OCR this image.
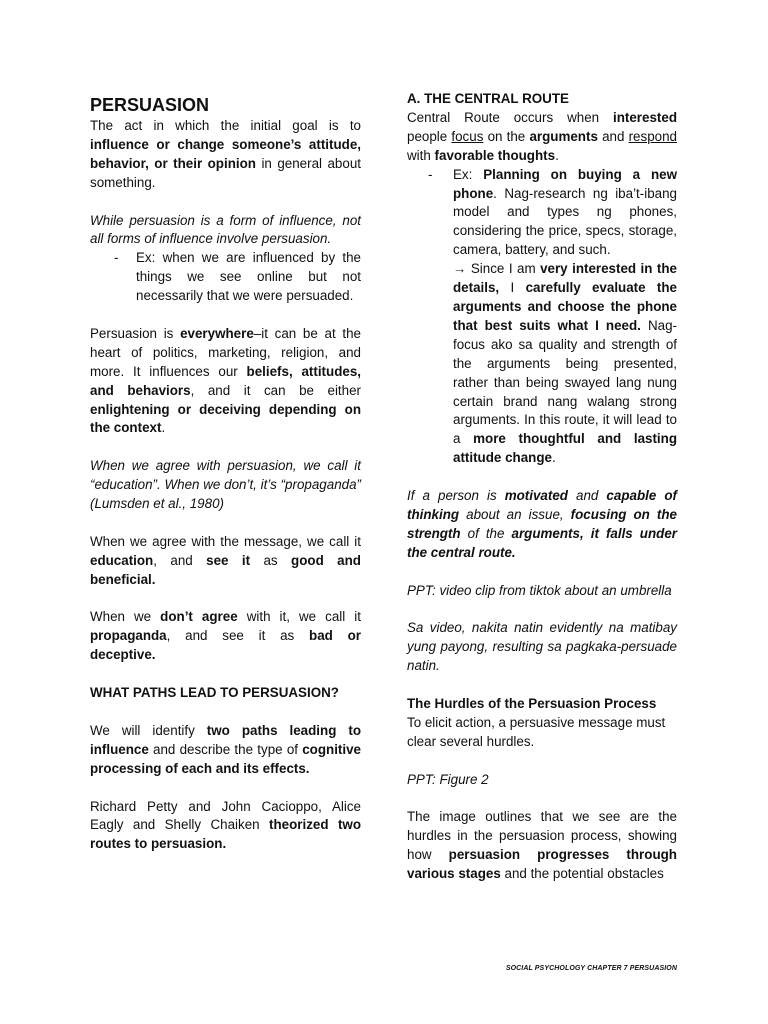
PERSUASION

The act in which the initial goal is to influence or change someone’s attitude, behavior, or their opinion in general about something.

While persuasion is a form of influence, not all forms of influence involve persuasion.

-	Ex: when we are influenced by the things we see online but not necessarily that we were persuaded.

Persuasion is everywhere–it can be at the heart of politics, marketing, religion, and more. It influences our beliefs, attitudes, and behaviors, and it can be either enlightening or deceiving depending on the context.

When we agree with persuasion, we call it “education”. When we don’t, it’s “propaganda” (Lumsden et al., 1980)

When we agree with the message, we call it education, and see it as good and beneficial.

When we don’t agree with it, we call it propaganda, and see it as bad or deceptive.

WHAT PATHS LEAD TO PERSUASION?

We will identify two paths leading to influence and describe the type of cognitive processing of each and its effects.

Richard Petty and John Cacioppo, Alice Eagly and Shelly Chaiken theorized two routes to persuasion.

A. THE CENTRAL ROUTE

Central Route occurs when interested people focus on the arguments and respond with favorable thoughts.

-	Ex: Planning on buying a new phone. Nag-research ng iba’t-ibang model and types ng phones, considering the price, specs, storage, camera, battery, and such.
→ Since I am very interested in the details, I carefully evaluate the arguments and choose the phone that best suits what I need. Nag-focus ako sa quality and strength of the arguments being presented, rather than being swayed lang nung certain brand nang walang strong arguments. In this route, it will lead to a more thoughtful and lasting attitude change.

If a person is motivated and capable of thinking about an issue, focusing on the strength of the arguments, it falls under the central route.

PPT: video clip from tiktok about an umbrella

Sa video, nakita natin evidently na matibay yung payong, resulting sa pagkaka-persuade natin.

The Hurdles of the Persuasion Process

To elicit action, a persuasive message must clear several hurdles.

PPT: Figure 2

The image outlines that we see are the hurdles in the persuasion process, showing how persuasion progresses through various stages and the potential obstacles

SOCIAL PSYCHOLOGY CHAPTER 7 PERSUASION
